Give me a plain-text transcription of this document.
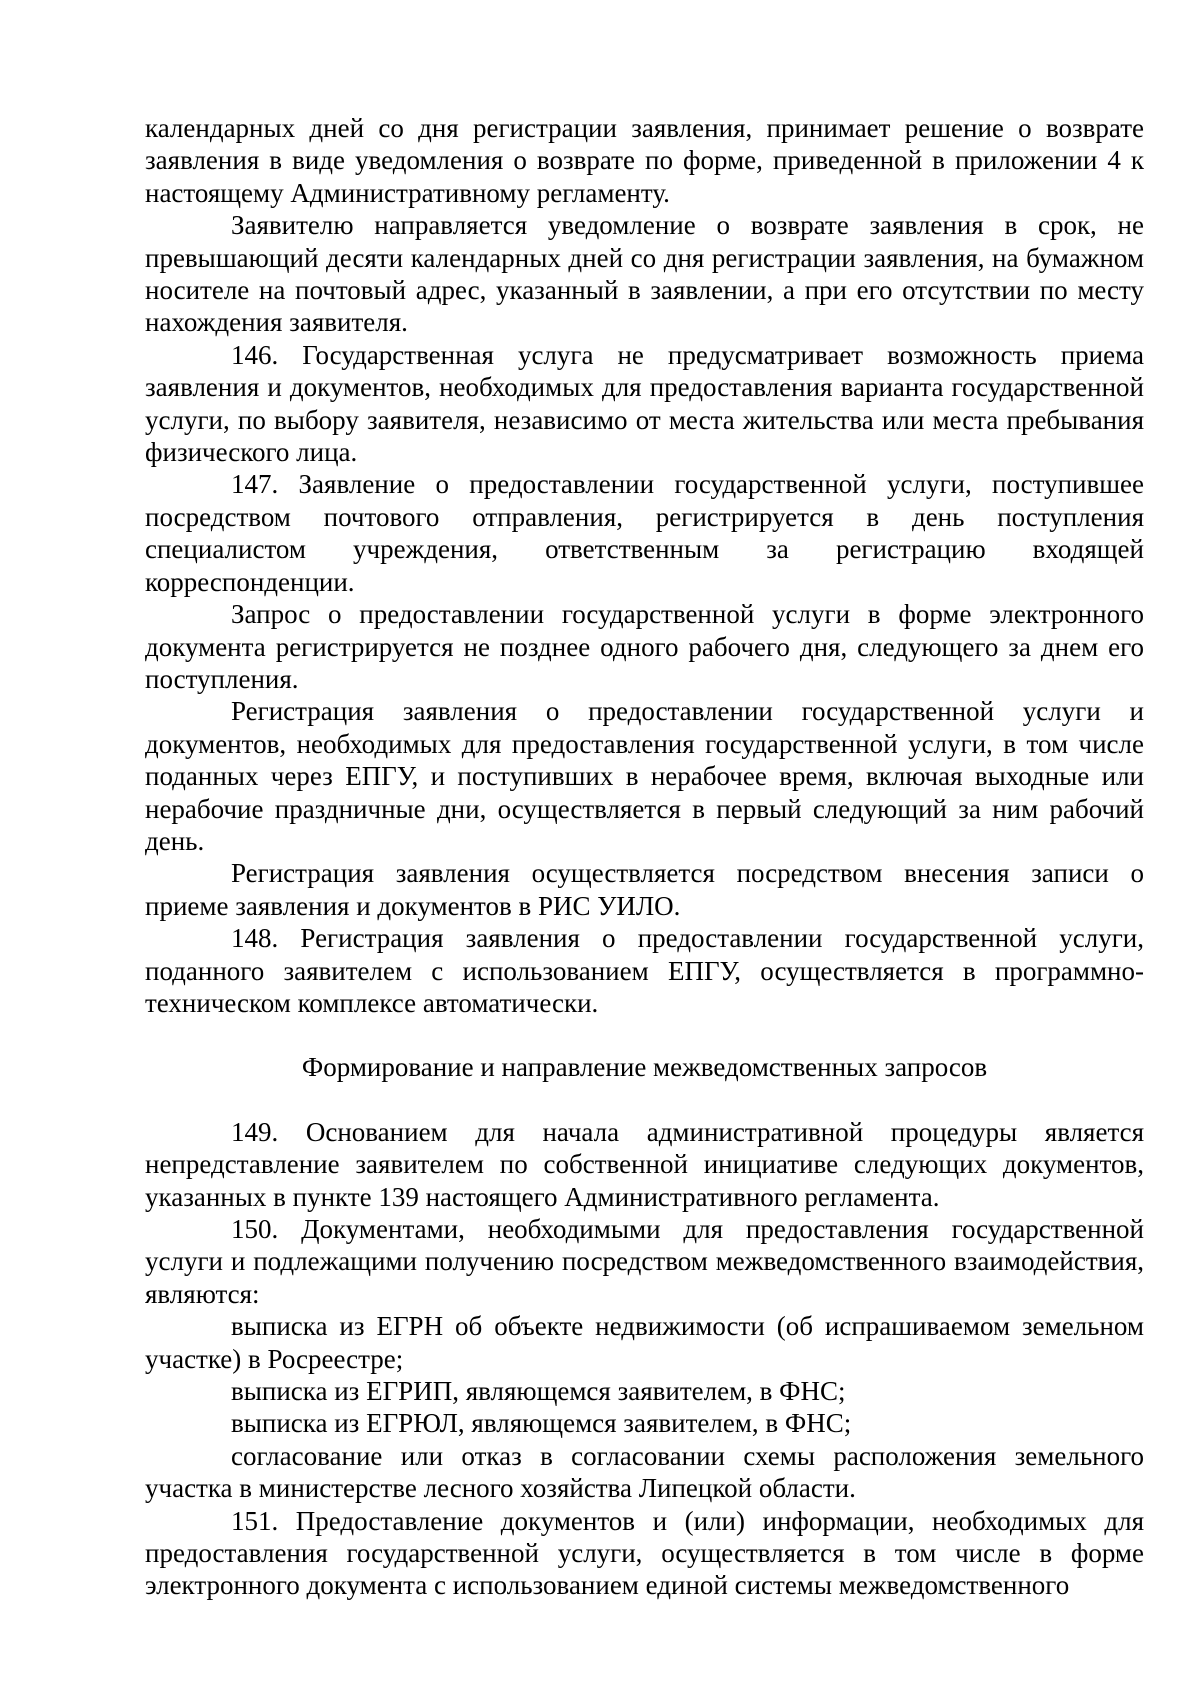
календарных дней со дня регистрации заявления, принимает решение о возврате заявления в виде уведомления о возврате по форме, приведенной в приложении 4 к настоящему Административному регламенту.

Заявителю направляется уведомление о возврате заявления в срок, не превышающий десяти календарных дней со дня регистрации заявления, на бумажном носителе на почтовый адрес, указанный в заявлении, а при его отсутствии по месту нахождения заявителя.

146. Государственная услуга не предусматривает возможность приема заявления и документов, необходимых для предоставления варианта государственной услуги, по выбору заявителя, независимо от места жительства или места пребывания физического лица.

147. Заявление о предоставлении государственной услуги, поступившее посредством почтового отправления, регистрируется в день поступления специалистом учреждения, ответственным за регистрацию входящей корреспонденции.

Запрос о предоставлении государственной услуги в форме электронного документа регистрируется не позднее одного рабочего дня, следующего за днем его поступления.

Регистрация заявления о предоставлении государственной услуги и документов, необходимых для предоставления государственной услуги, в том числе поданных через ЕПГУ, и поступивших в нерабочее время, включая выходные или нерабочие праздничные дни, осуществляется в первый следующий за ним рабочий день.

Регистрация заявления осуществляется посредством внесения записи о приеме заявления и документов в РИС УИЛО.

148. Регистрация заявления о предоставлении государственной услуги, поданного заявителем с использованием ЕПГУ, осуществляется в программно-техническом комплексе автоматически.

Формирование и направление межведомственных запросов

149. Основанием для начала административной процедуры является непредставление заявителем по собственной инициативе следующих документов, указанных в пункте 139 настоящего Административного регламента.

150. Документами, необходимыми для предоставления государственной услуги и подлежащими получению посредством межведомственного взаимодействия, являются:

выписка из ЕГРН об объекте недвижимости (об испрашиваемом земельном участке) в Росреестре;

выписка из ЕГРИП, являющемся заявителем, в ФНС;

выписка из ЕГРЮЛ, являющемся заявителем, в ФНС;

согласование или отказ в согласовании схемы расположения земельного участка в министерстве лесного хозяйства Липецкой области.

151. Предоставление документов и (или) информации, необходимых для предоставления государственной услуги, осуществляется в том числе в форме электронного документа с использованием единой системы межведомственного
